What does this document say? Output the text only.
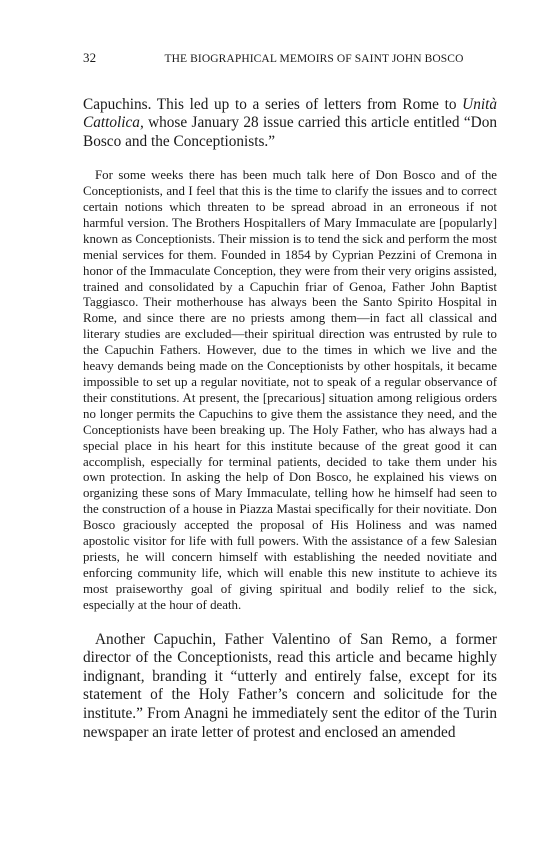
32	THE BIOGRAPHICAL MEMOIRS OF SAINT JOHN BOSCO

Capuchins. This led up to a series of letters from Rome to Unità Cattolica, whose January 28 issue carried this article entitled “Don Bosco and the Conceptionists.”

For some weeks there has been much talk here of Don Bosco and of the Conceptionists, and I feel that this is the time to clarify the issues and to correct certain notions which threaten to be spread abroad in an erroneous if not harmful version. The Brothers Hospitallers of Mary Immaculate are [popularly] known as Conceptionists. Their mission is to tend the sick and perform the most menial services for them. Founded in 1854 by Cyprian Pezzini of Cremona in honor of the Immaculate Conception, they were from their very origins assisted, trained and consolidated by a Capuchin friar of Genoa, Father John Baptist Taggiasco. Their motherhouse has always been the Santo Spirito Hospital in Rome, and since there are no priests among them—in fact all classical and literary studies are excluded—their spiritual direction was entrusted by rule to the Capuchin Fathers. However, due to the times in which we live and the heavy demands being made on the Conceptionists by other hospitals, it became impossible to set up a regular novitiate, not to speak of a regular observance of their constitutions. At present, the [precarious] situation among religious orders no longer permits the Capuchins to give them the assistance they need, and the Conceptionists have been breaking up. The Holy Father, who has always had a special place in his heart for this institute because of the great good it can accomplish, especially for terminal patients, decided to take them under his own protection. In asking the help of Don Bosco, he explained his views on organizing these sons of Mary Immaculate, telling how he himself had seen to the construction of a house in Piazza Mastai specifically for their novitiate. Don Bosco graciously accepted the proposal of His Holiness and was named apostolic visitor for life with full powers. With the assistance of a few Salesian priests, he will concern himself with establishing the needed novitiate and enforcing community life, which will enable this new institute to achieve its most praiseworthy goal of giving spiritual and bodily relief to the sick, especially at the hour of death.

Another Capuchin, Father Valentino of San Remo, a former director of the Conceptionists, read this article and became highly indignant, branding it “utterly and entirely false, except for its statement of the Holy Father’s concern and solicitude for the institute.” From Anagni he immediately sent the editor of the Turin newspaper an irate letter of protest and enclosed an amended
